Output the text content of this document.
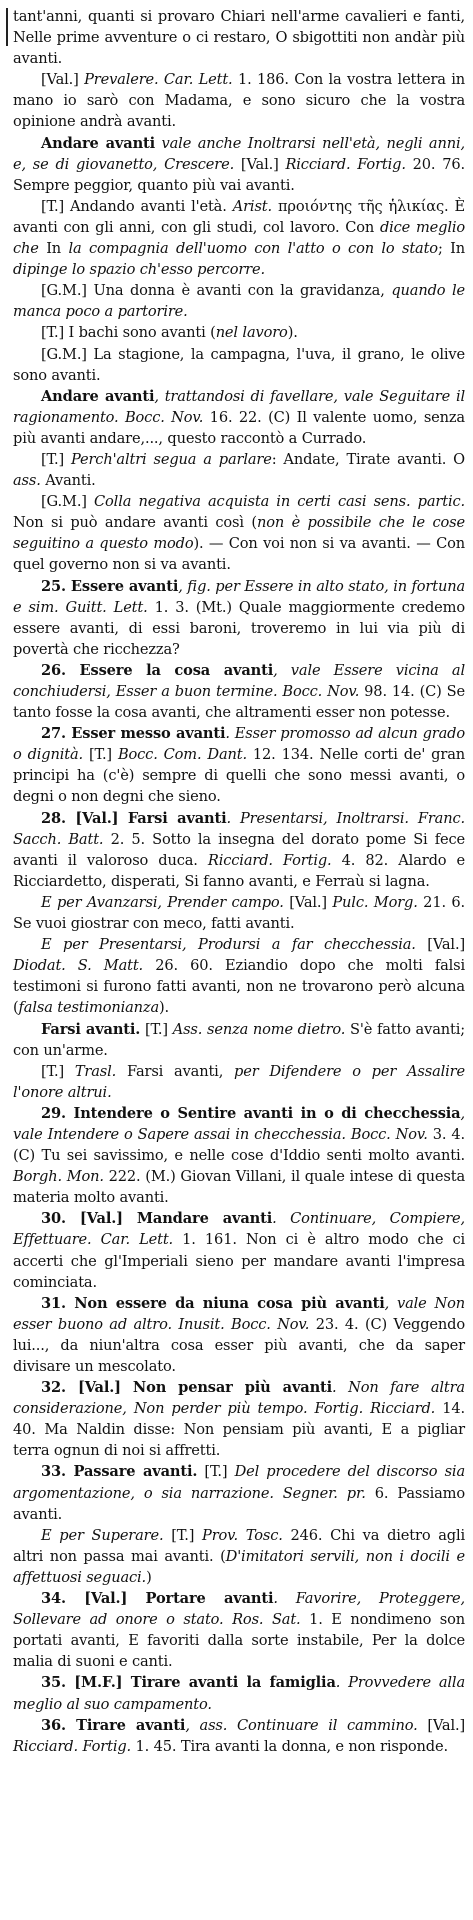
tant'anni, quanti si provaro Chiari nell'arme cavalieri e fanti, Nelle prime avventure o ci restaro, O sbigottiti non andàr più avanti.

[Val.] Prevalere. Car. Lett. 1. 186. Con la vostra lettera in mano io sarò con Madama, e sono sicuro che la vostra opinione andrà avanti.

Andare avanti vale anche Inoltrarsi nell'età, negli anni, e, se di giovanetto, Crescere. [Val.] Ricciard. Fortig. 20. 76. Sempre peggior, quanto più vai avanti.

[T.] Andando avanti l'età. Arist. προιόντης τῆς ἡλικίας. È avanti con gli anni, con gli studi, col lavoro. Con dice meglio che In la compagnia dell'uomo con l'atto o con lo stato; In dipinge lo spazio ch'esso percorre.

[G.M.] Una donna è avanti con la gravidanza, quando le manca poco a partorire.

[T.] I bachi sono avanti (nel lavoro).

[G.M.] La stagione, la campagna, l'uva, il grano, le olive sono avanti.

Andare avanti, trattandosi di favellare, vale Seguitare il ragionamento. Bocc. Nov. 16. 22. (C) Il valente uomo, senza più avanti andare,..., questo raccontò a Currado.

[T.] Perch'altri segua a parlare: Andate, Tirate avanti. O ass. Avanti.

[G.M.] Colla negativa acquista in certi casi sens. partic. Non si può andare avanti così (non è possibile che le cose seguitino a questo modo). — Con voi non si va avanti. — Con quel governo non si va avanti.

25. Essere avanti, fig. per Essere in alto stato, in fortuna e sim. Guitt. Lett. 1. 3. (Mt.) Quale maggiormente credemo essere avanti, di essi baroni, troveremo in lui via più di povertà che ricchezza?

26. Essere la cosa avanti, vale Essere vicina al conchiudersi, Esser a buon termine. Bocc. Nov. 98. 14. (C) Se tanto fosse la cosa avanti, che altramenti esser non potesse.

27. Esser messo avanti. Esser promosso ad alcun grado o dignità. [T.] Bocc. Com. Dant. 12. 134. Nelle corti de' gran principi ha (c'è) sempre di quelli che sono messi avanti, o degni o non degni che sieno.

28. [Val.] Farsi avanti. Presentarsi, Inoltrarsi. Franc. Sacch. Batt. 2. 5. Sotto la insegna del dorato pome Si fece avanti il valoroso duca. Ricciard. Fortig. 4. 82. Alardo e Ricciardetto, disperati, Si fanno avanti, e Ferraù si lagna.

E per Avanzarsi, Prender campo. [Val.] Pulc. Morg. 21. 6. Se vuoi giostrar con meco, fatti avanti.

E per Presentarsi, Prodursi a far checchessia. [Val.] Diodat. S. Matt. 26. 60. Eziandio dopo che molti falsi testimoni si furono fatti avanti, non ne trovarono però alcuna (falsa testimonianza).

Farsi avanti. [T.] Ass. senza nome dietro. S'è fatto avanti; con un'arme.

[T.] Trasl. Farsi avanti, per Difendere o per Assalire l'onore altrui.

29. Intendere o Sentire avanti in o di checchessia, vale Intendere o Sapere assai in checchessia. Bocc. Nov. 3. 4. (C) Tu sei savissimo, e nelle cose d'Iddio senti molto avanti. Borgh. Mon. 222. (M.) Giovan Villani, il quale intese di questa materia molto avanti.

30. [Val.] Mandare avanti. Continuare, Compiere, Effettuare. Car. Lett. 1. 161. Non ci è altro modo che ci accerti che gl'Imperiali sieno per mandare avanti l'impresa cominciata.

31. Non essere da niuna cosa più avanti, vale Non esser buono ad altro. Inusit. Bocc. Nov. 23. 4. (C) Veggendo lui..., da niun'altra cosa esser più avanti, che da saper divisare un mescolato.

32. [Val.] Non pensar più avanti. Non fare altra considerazione, Non perder più tempo. Fortig. Ricciard. 14. 40. Ma Naldin disse: Non pensiam più avanti, E a pigliar terra ognun di noi si affretti.

33. Passare avanti. [T.] Del procedere del discorso sia argomentazione, o sia narrazione. Segner. pr. 6. Passiamo avanti.

E per Superare. [T.] Prov. Tosc. 246. Chi va dietro agli altri non passa mai avanti. (D'imitatori servili, non i docili e affettuosi seguaci.)

34. [Val.] Portare avanti. Favorire, Proteggere, Sollevare ad onore o stato. Ros. Sat. 1. E nondimeno son portati avanti, E favoriti dalla sorte instabile, Per la dolce malia di suoni e canti.

35. [M.F.] Tirare avanti la famiglia. Provvedere alla meglio al suo campamento.

36. Tirare avanti, ass. Continuare il cammino. [Val.] Ricciard. Fortig. 1. 45. Tira avanti la donna, e non risponde.
